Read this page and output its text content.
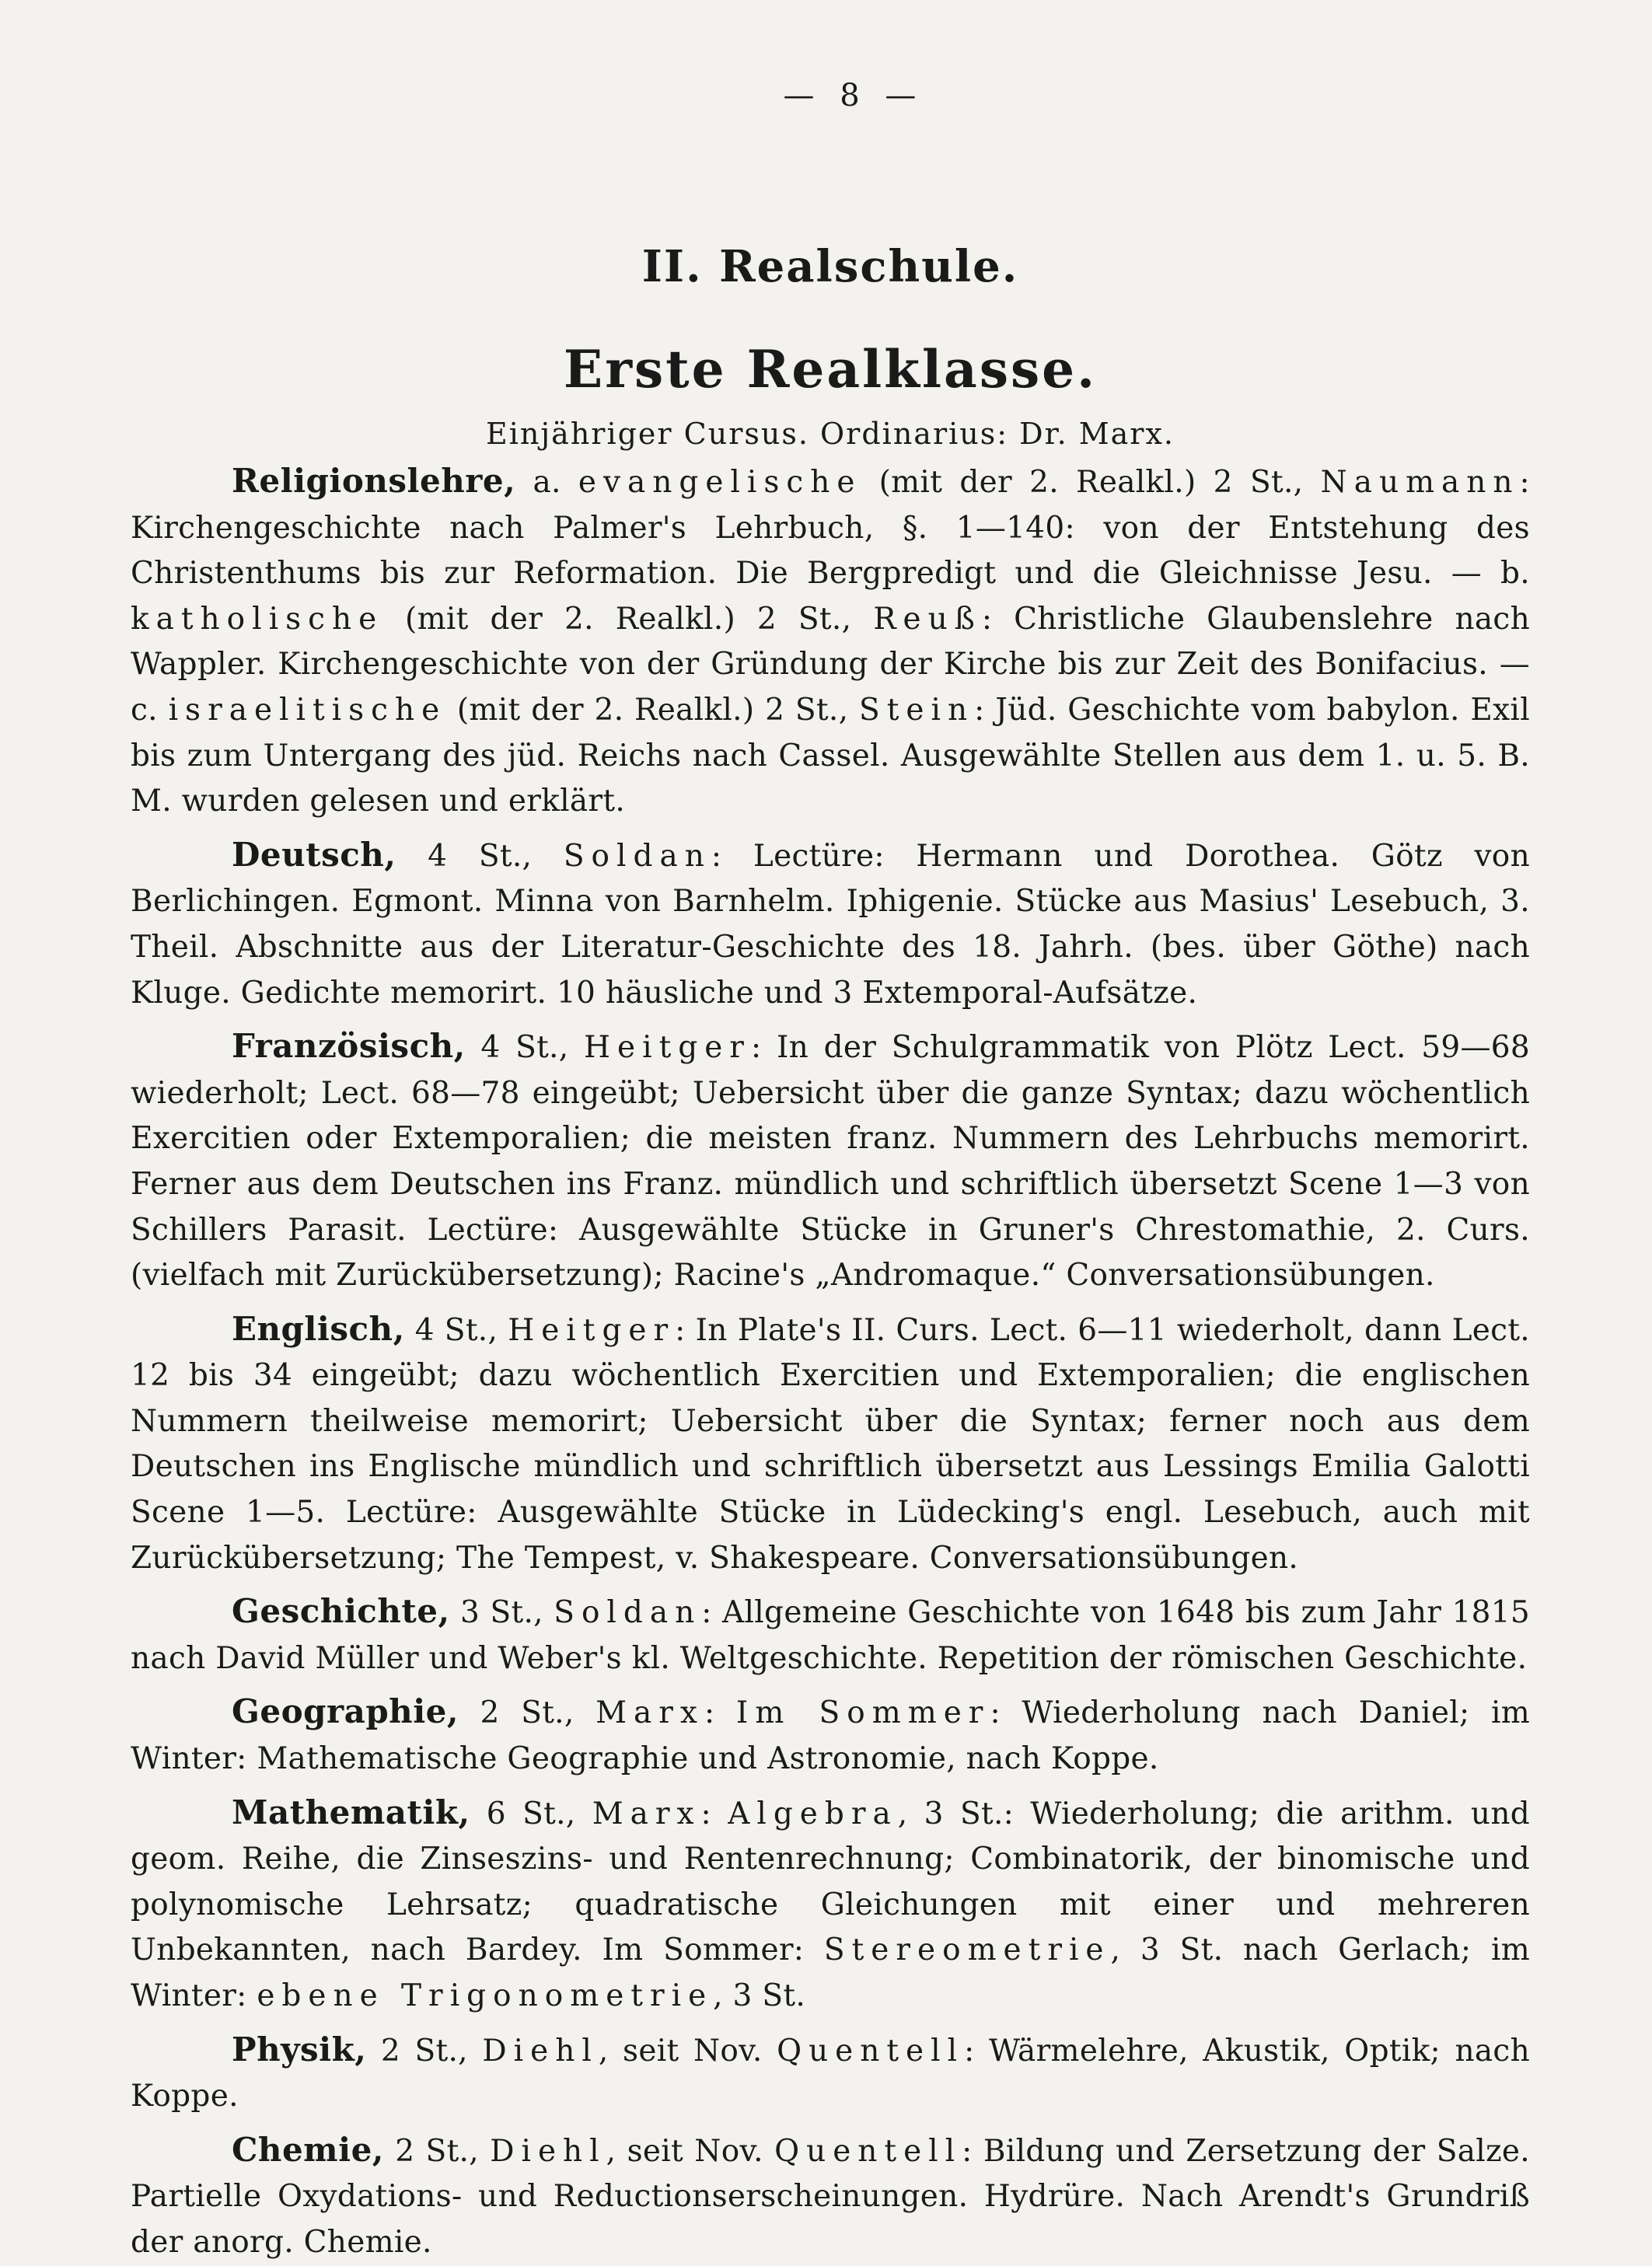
— 8 —
II. Realschule.
Erste Realklasse.
Einjähriger Cursus. Ordinarius: Dr. Marx.

Religionslehre, a. evangelische (mit der 2. Realkl.) 2 St., Naumann: Kirchengeschichte nach Palmer's Lehrbuch, §. 1—140: von der Entstehung des Christenthums bis zur Reformation. Die Bergpredigt und die Gleichnisse Jesu. — b. katholische (mit der 2. Realkl.) 2 St., Reuß: Christliche Glaubenslehre nach Wappler. Kirchengeschichte von der Gründung der Kirche bis zur Zeit des Bonifacius. — c. israelitische (mit der 2. Realkl.) 2 St., Stein: Jüd. Geschichte vom babylon. Exil bis zum Untergang des jüd. Reichs nach Cassel. Ausgewählte Stellen aus dem 1. u. 5. B. M. wurden gelesen und erklärt.

Deutsch, 4 St., Soldan: Lectüre: Hermann und Dorothea. Götz von Berlichingen. Egmont. Minna von Barnhelm. Iphigenie. Stücke aus Masius' Lesebuch, 3. Theil. Abschnitte aus der Literatur-Geschichte des 18. Jahrh. (bes. über Göthe) nach Kluge. Gedichte memorirt. 10 häusliche und 3 Extemporal-Aufsätze.

Französisch, 4 St., Heitger: In der Schulgrammatik von Plötz Lect. 59—68 wiederholt; Lect. 68—78 eingeübt; Uebersicht über die ganze Syntax; dazu wöchentlich Exercitien oder Extemporalien; die meisten franz. Nummern des Lehrbuchs memorirt. Ferner aus dem Deutschen ins Franz. mündlich und schriftlich übersetzt Scene 1—3 von Schillers Parasit. Lectüre: Ausgewählte Stücke in Gruner's Chrestomathie, 2. Curs. (vielfach mit Zurückübersetzung); Racine's „Andromaque.“ Conversationsübungen.

Englisch, 4 St., Heitger: In Plate's II. Curs. Lect. 6—11 wiederholt, dann Lect. 12 bis 34 eingeübt; dazu wöchentlich Exercitien und Extemporalien; die englischen Nummern theilweise memorirt; Uebersicht über die Syntax; ferner noch aus dem Deutschen ins Englische mündlich und schriftlich übersetzt aus Lessings Emilia Galotti Scene 1—5. Lectüre: Ausgewählte Stücke in Lüdecking's engl. Lesebuch, auch mit Zurückübersetzung; The Tempest, v. Shakespeare. Conversationsübungen.

Geschichte, 3 St., Soldan: Allgemeine Geschichte von 1648 bis zum Jahr 1815 nach David Müller und Weber's kl. Weltgeschichte. Repetition der römischen Geschichte.

Geographie, 2 St., Marx: Im Sommer: Wiederholung nach Daniel; im Winter: Mathematische Geographie und Astronomie, nach Koppe.

Mathematik, 6 St., Marx: Algebra, 3 St.: Wiederholung; die arithm. und geom. Reihe, die Zinseszins- und Rentenrechnung; Combinatorik, der binomische und polynomische Lehrsatz; quadratische Gleichungen mit einer und mehreren Unbekannten, nach Bardey. Im Sommer: Stereometrie, 3 St. nach Gerlach; im Winter: ebene Trigonometrie, 3 St.

Physik, 2 St., Diehl, seit Nov. Quentell: Wärmelehre, Akustik, Optik; nach Koppe.

Chemie, 2 St., Diehl, seit Nov. Quentell: Bildung und Zersetzung der Salze. Partielle Oxydations- und Reductionserscheinungen. Hydrüre. Nach Arendt's Grundriß der anorg. Chemie.
